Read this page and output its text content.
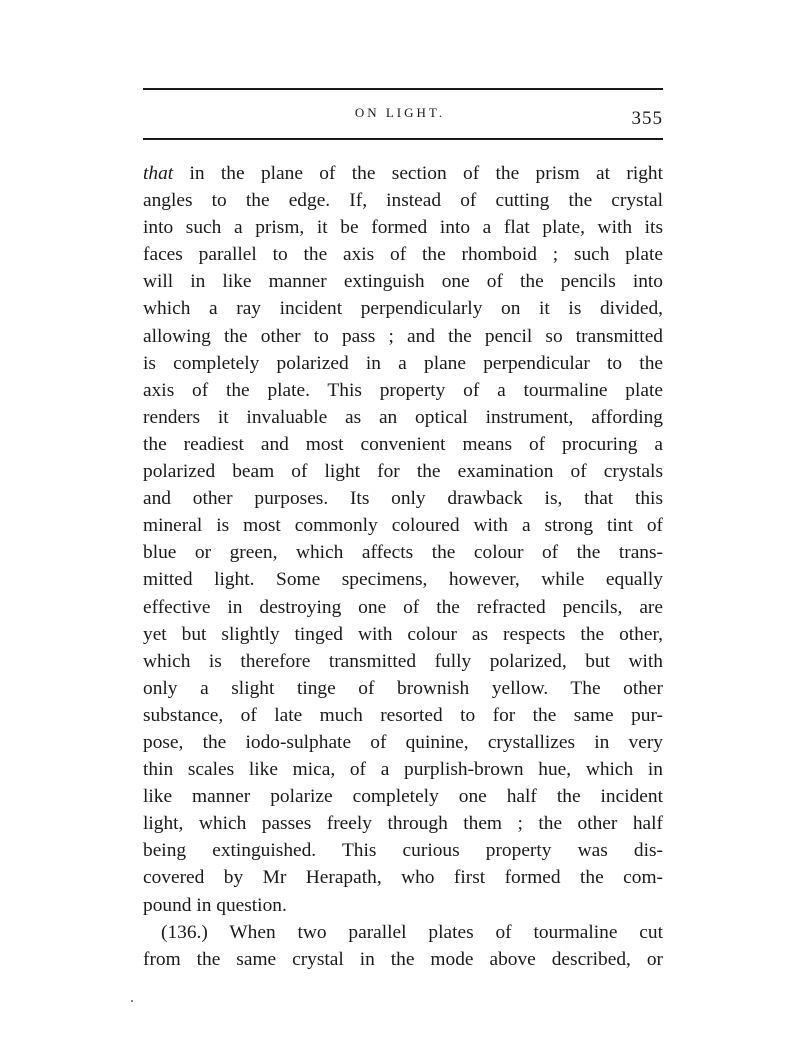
ON LIGHT.	355
that in the plane of the section of the prism at right
angles to the edge. If, instead of cutting the crystal
into such a prism, it be formed into a flat plate, with its
faces parallel to the axis of the rhomboid ; such plate
will in like manner extinguish one of the pencils into
which a ray incident perpendicularly on it is divided,
allowing the other to pass ; and the pencil so transmitted
is completely polarized in a plane perpendicular to the
axis of the plate. This property of a tourmaline plate
renders it invaluable as an optical instrument, affording
the readiest and most convenient means of procuring a
polarized beam of light for the examination of crystals
and other purposes. Its only drawback is, that this
mineral is most commonly coloured with a strong tint of
blue or green, which affects the colour of the trans-
mitted light. Some specimens, however, while equally
effective in destroying one of the refracted pencils, are
yet but slightly tinged with colour as respects the other,
which is therefore transmitted fully polarized, but with
only a slight tinge of brownish yellow. The other
substance, of late much resorted to for the same pur-
pose, the iodo-sulphate of quinine, crystallizes in very
thin scales like mica, of a purplish-brown hue, which in
like manner polarize completely one half the incident
light, which passes freely through them ; the other half
being extinguished. This curious property was dis-
covered by Mr Herapath, who first formed the com-
pound in question.
(136.) When two parallel plates of tourmaline cut
from the same crystal in the mode above described, or
